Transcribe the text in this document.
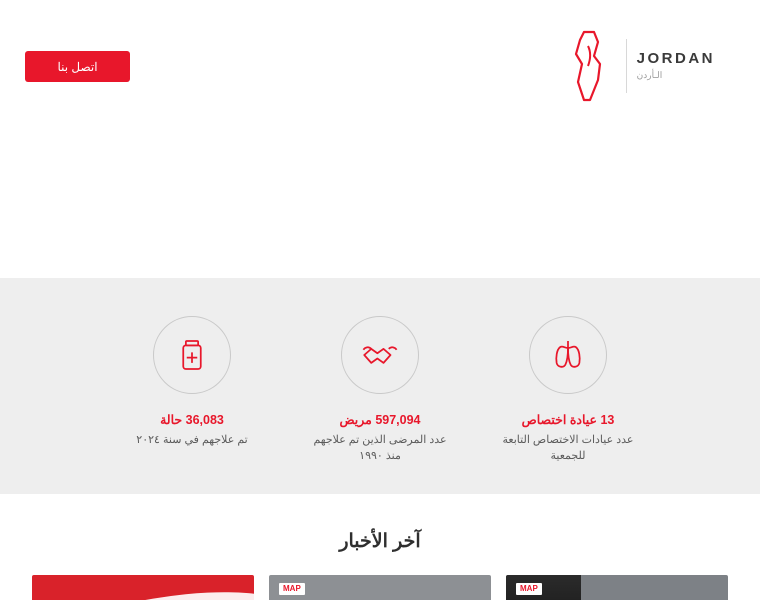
اتصل بنا	JORDAN
الـأردن
13 عيادة اختصاص
عدد عيادات الاختصاص التابعة للجمعية
597,094 مريض
عدد المرضى الذين تم علاجهم منذ ١٩٩٠
36,083 حالة
تم علاجهم في سنة ٢٠٢٤
آخر الأخبار
MAP
MAP
